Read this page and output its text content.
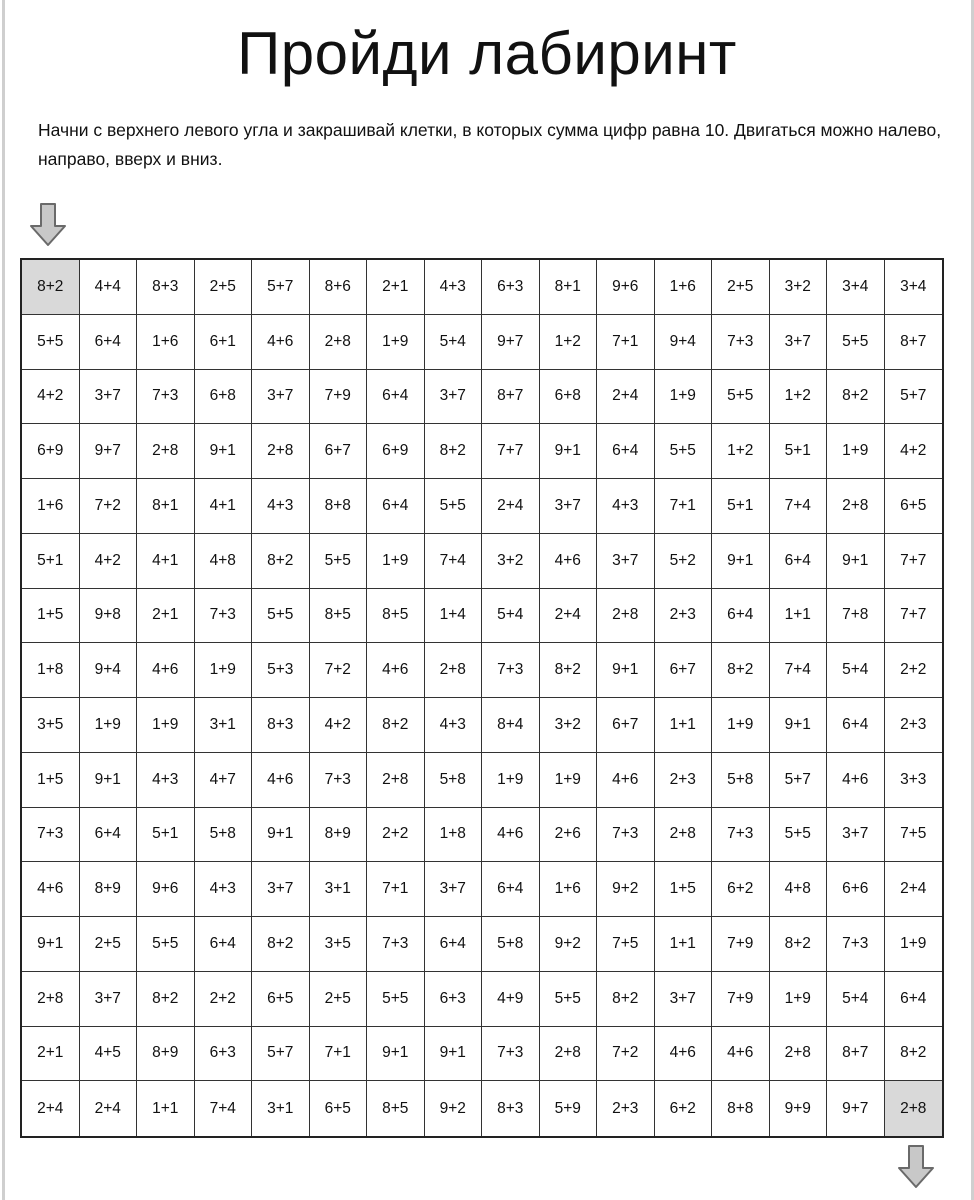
Пройди лабиринт
Начни с верхнего левого угла и закрашивай клетки, в которых сумма цифр равна 10. Двигаться можно налево, направо, вверх и вниз.
8+2	4+4	8+3	2+5	5+7	8+6	2+1	4+3	6+3	8+1	9+6	1+6	2+5	3+2	3+4	3+4
5+5	6+4	1+6	6+1	4+6	2+8	1+9	5+4	9+7	1+2	7+1	9+4	7+3	3+7	5+5	8+7
4+2	3+7	7+3	6+8	3+7	7+9	6+4	3+7	8+7	6+8	2+4	1+9	5+5	1+2	8+2	5+7
6+9	9+7	2+8	9+1	2+8	6+7	6+9	8+2	7+7	9+1	6+4	5+5	1+2	5+1	1+9	4+2
1+6	7+2	8+1	4+1	4+3	8+8	6+4	5+5	2+4	3+7	4+3	7+1	5+1	7+4	2+8	6+5
5+1	4+2	4+1	4+8	8+2	5+5	1+9	7+4	3+2	4+6	3+7	5+2	9+1	6+4	9+1	7+7
1+5	9+8	2+1	7+3	5+5	8+5	8+5	1+4	5+4	2+4	2+8	2+3	6+4	1+1	7+8	7+7
1+8	9+4	4+6	1+9	5+3	7+2	4+6	2+8	7+3	8+2	9+1	6+7	8+2	7+4	5+4	2+2
3+5	1+9	1+9	3+1	8+3	4+2	8+2	4+3	8+4	3+2	6+7	1+1	1+9	9+1	6+4	2+3
1+5	9+1	4+3	4+7	4+6	7+3	2+8	5+8	1+9	1+9	4+6	2+3	5+8	5+7	4+6	3+3
7+3	6+4	5+1	5+8	9+1	8+9	2+2	1+8	4+6	2+6	7+3	2+8	7+3	5+5	3+7	7+5
4+6	8+9	9+6	4+3	3+7	3+1	7+1	3+7	6+4	1+6	9+2	1+5	6+2	4+8	6+6	2+4
9+1	2+5	5+5	6+4	8+2	3+5	7+3	6+4	5+8	9+2	7+5	1+1	7+9	8+2	7+3	1+9
2+8	3+7	8+2	2+2	6+5	2+5	5+5	6+3	4+9	5+5	8+2	3+7	7+9	1+9	5+4	6+4
2+1	4+5	8+9	6+3	5+7	7+1	9+1	9+1	7+3	2+8	7+2	4+6	4+6	2+8	8+7	8+2
2+4	2+4	1+1	7+4	3+1	6+5	8+5	9+2	8+3	5+9	2+3	6+2	8+8	9+9	9+7	2+8
